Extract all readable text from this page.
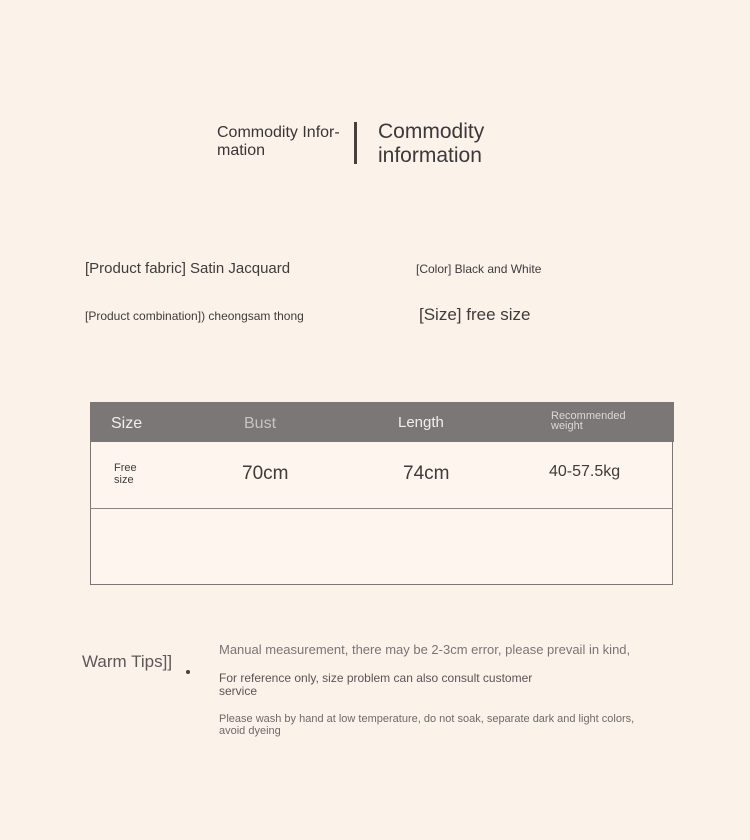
Commodity Infor- mation
Commodity information
[Product fabric] Satin Jacquard	[Color] Black and White
[Product combination]) cheongsam thong	[Size] free size
Size	Bust	Length	Recommended weight
Free size	70cm	74cm	40-57.5kg
Warm Tips]]
Manual measurement, there may be 2-3cm error, please prevail in kind,
For reference only, size problem can also consult customer service
Please wash by hand at low temperature, do not soak, separate dark and light colors, avoid dyeing
